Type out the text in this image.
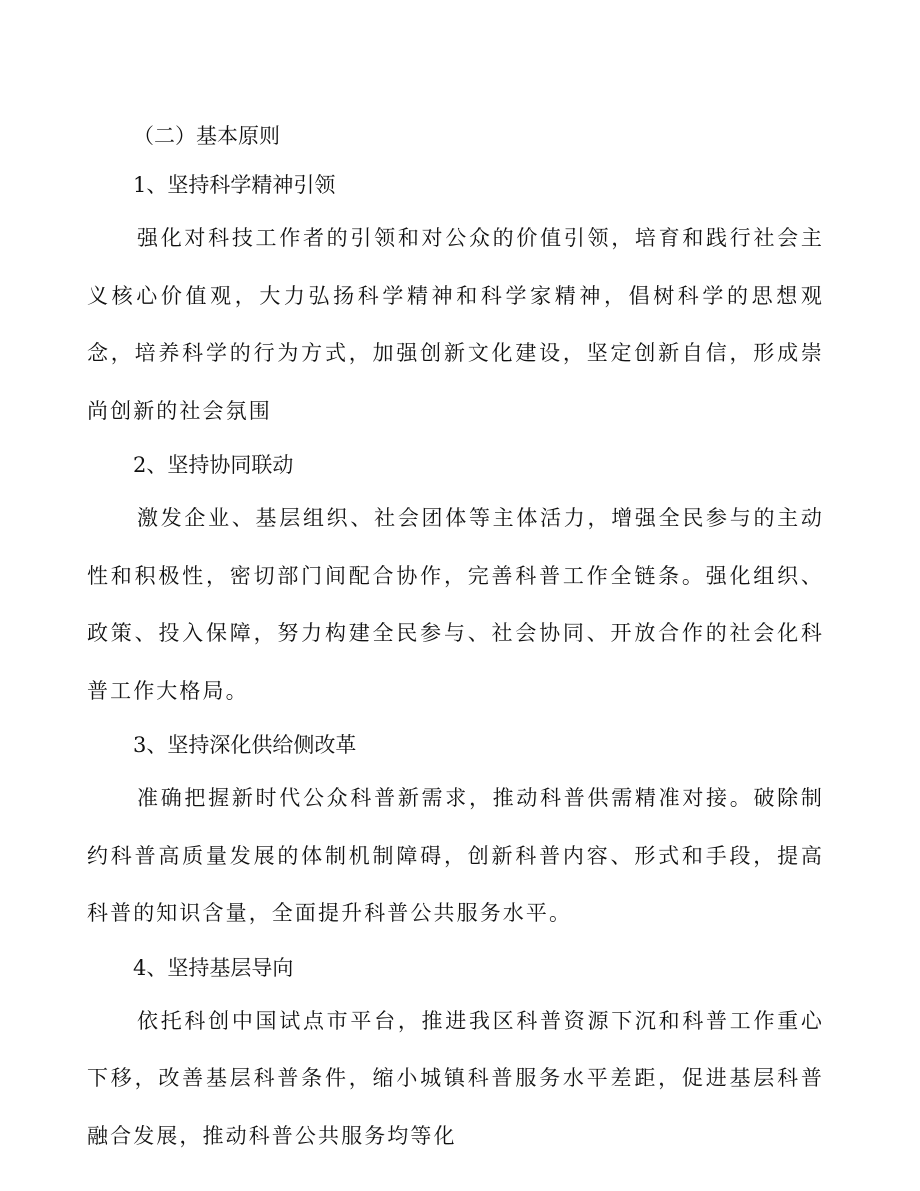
（二）基本原则
1、坚持科学精神引领

强化对科技工作者的引领和对公众的价值引领，培育和践行社会主义核心价值观，大力弘扬科学精神和科学家精神，倡树科学的思想观念，培养科学的行为方式，加强创新文化建设，坚定创新自信，形成崇尚创新的社会氛围

2、坚持协同联动

激发企业、基层组织、社会团体等主体活力，增强全民参与的主动性和积极性，密切部门间配合协作，完善科普工作全链条。强化组织、政策、投入保障，努力构建全民参与、社会协同、开放合作的社会化科普工作大格局。

3、坚持深化供给侧改革

准确把握新时代公众科普新需求，推动科普供需精准对接。破除制约科普高质量发展的体制机制障碍，创新科普内容、形式和手段，提高科普的知识含量，全面提升科普公共服务水平。

4、坚持基层导向

依托科创中国试点市平台，推进我区科普资源下沉和科普工作重心下移，改善基层科普条件，缩小城镇科普服务水平差距，促进基层科普融合发展，推动科普公共服务均等化
